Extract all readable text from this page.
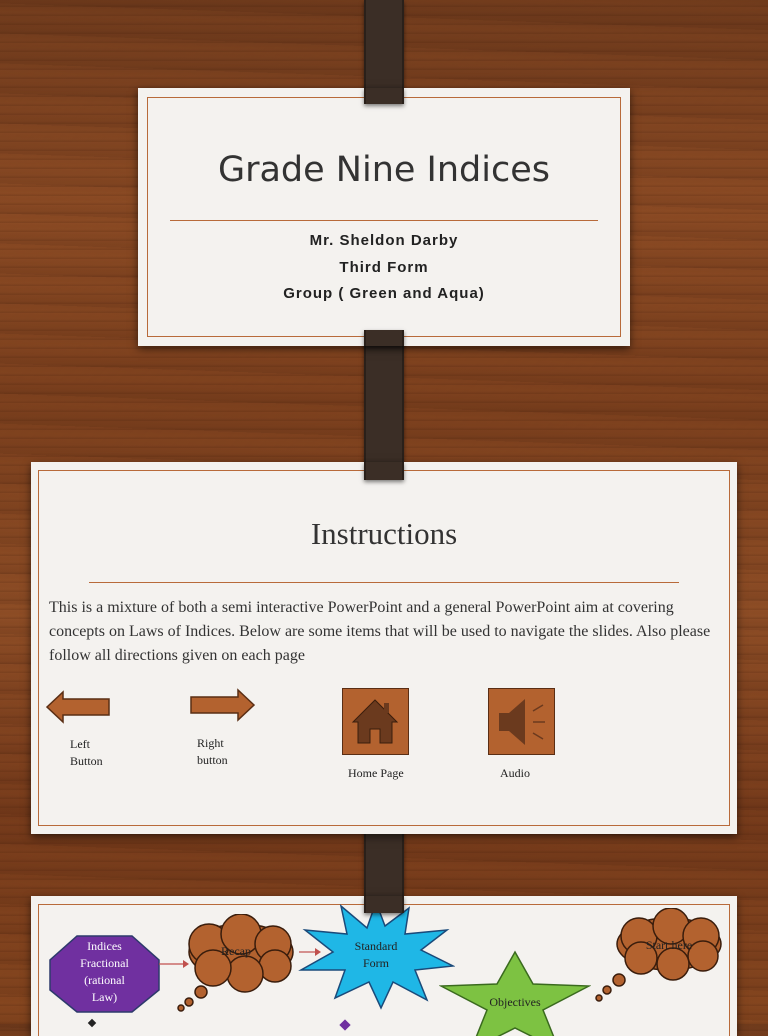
Grade Nine Indices
Mr. Sheldon Darby
Third Form
Group ( Green and Aqua)
Instructions
This is a mixture of both a semi interactive PowerPoint and a general PowerPoint aim at covering concepts on Laws of Indices. Below are some items that will be used to navigate the slides. Also please follow all directions given on each page
Left
Button
Right
button
Home Page	Audio
Indices
Fractional
(rational
Law)
Recap	Standard
Form
Objectives
Start here
